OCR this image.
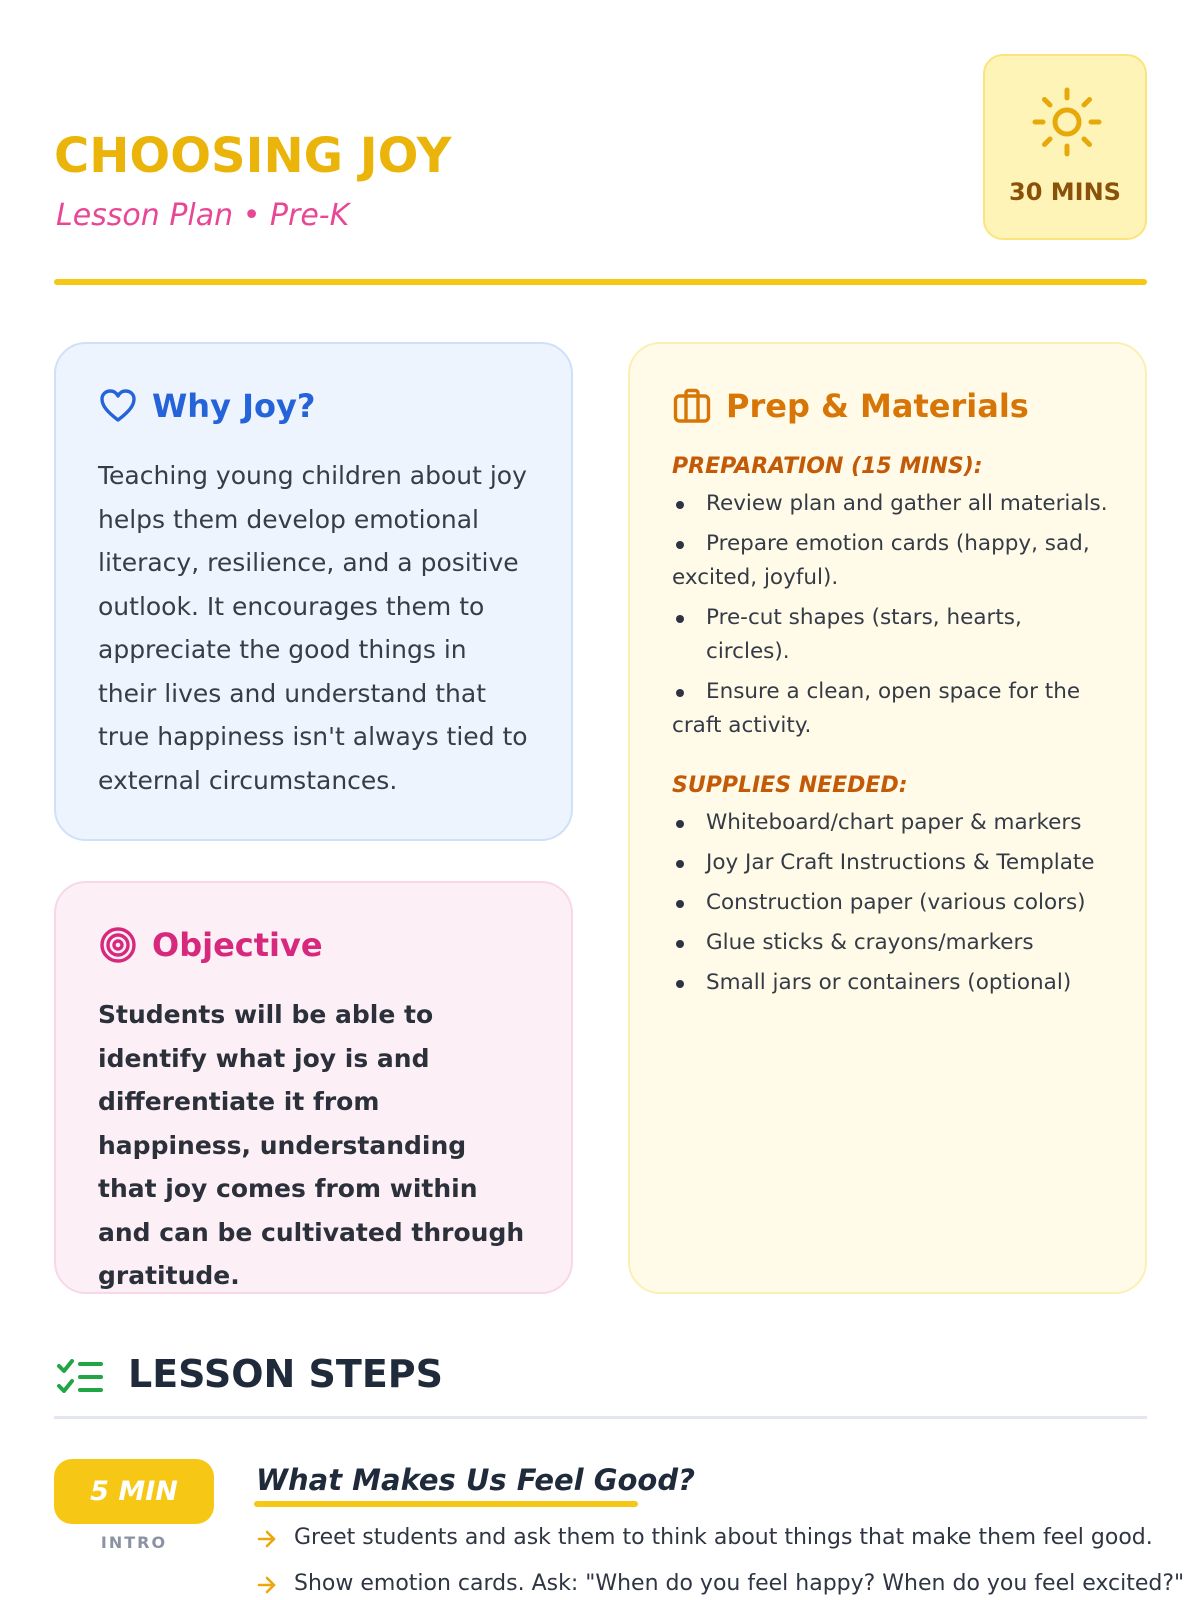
CHOOSING JOY
Lesson Plan • Pre-K
30 MINS
Why Joy?

Teaching young children about joy helps them develop emotional literacy, resilience, and a positive outlook. It encourages them to appreciate the good things in their lives and understand that true happiness isn't always tied to external circumstances.

Objective

Students will be able to identify what joy is and differentiate it from happiness, understanding that joy comes from within and can be cultivated through gratitude.

Prep & Materials
PREPARATION (15 MINS):
Review plan and gather all materials.
Prepare emotion cards (happy, sad, excited, joyful).
Pre-cut shapes (stars, hearts, circles).
Ensure a clean, open space for the craft activity.
SUPPLIES NEEDED:
Whiteboard/chart paper & markers
Joy Jar Craft Instructions & Template
Construction paper (various colors)
Glue sticks & crayons/markers
Small jars or containers (optional)
LESSON STEPS
5 MIN
INTRO
What Makes Us Feel Good?
Greet students and ask them to think about things that make them feel good.
Show emotion cards. Ask: "When do you feel happy? When do you feel excited?"
